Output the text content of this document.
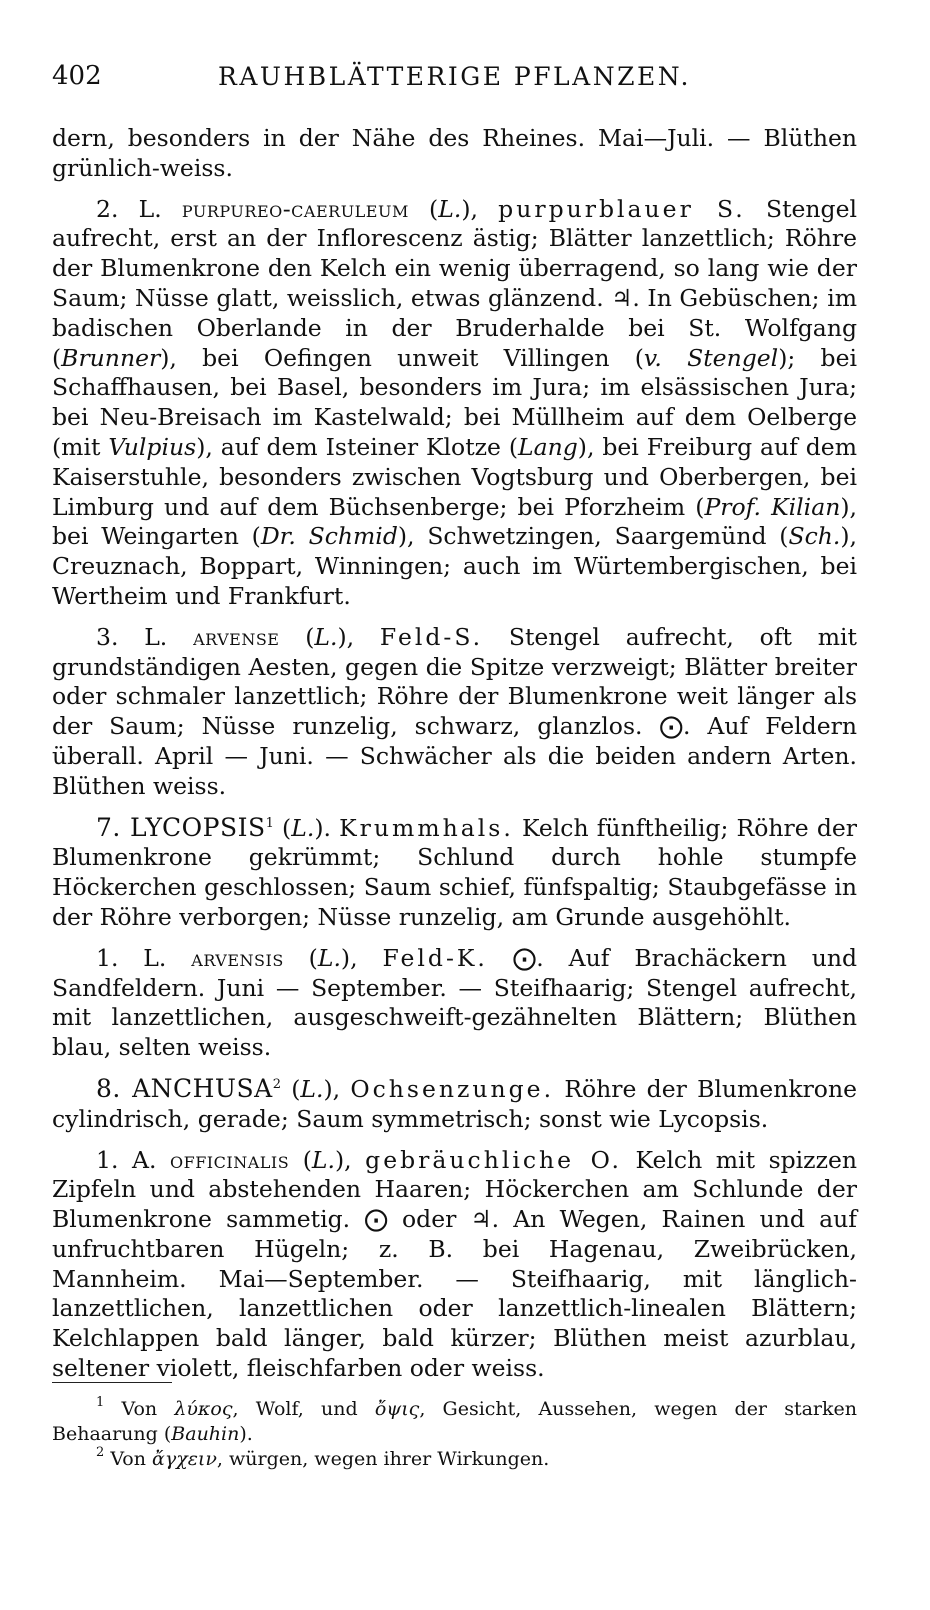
402	RAUHBLÄTTERIGE PFLANZEN.

dern, besonders in der Nähe des Rheines. Mai—Juli. — Blüthen grünlich-weiss.

2. L. purpureo-caeruleum (L.), purpurblauer S. Stengel aufrecht, erst an der Inflorescenz ästig; Blätter lanzettlich; Röhre der Blumenkrone den Kelch ein wenig überragend, so lang wie der Saum; Nüsse glatt, weisslich, etwas glänzend. ♃. In Gebüschen; im badischen Oberlande in der Bruderhalde bei St. Wolfgang (Brunner), bei Oefingen unweit Villingen (v. Stengel); bei Schaffhausen, bei Basel, besonders im Jura; im elsässischen Jura; bei Neu-Breisach im Kastelwald; bei Müllheim auf dem Oelberge (mit Vulpius), auf dem Isteiner Klotze (Lang), bei Freiburg auf dem Kaiserstuhle, besonders zwischen Vogtsburg und Oberbergen, bei Limburg und auf dem Büchsenberge; bei Pforzheim (Prof. Kilian), bei Weingarten (Dr. Schmid), Schwetzingen, Saargemünd (Sch.), Creuznach, Boppart, Winningen; auch im Würtembergischen, bei Wertheim und Frankfurt.

3. L. arvense (L.), Feld-S. Stengel aufrecht, oft mit grundständigen Aesten, gegen die Spitze verzweigt; Blätter breiter oder schmaler lanzettlich; Röhre der Blumenkrone weit länger als der Saum; Nüsse runzelig, schwarz, glanzlos. ⨀. Auf Feldern überall. April — Juni. — Schwächer als die beiden andern Arten. Blüthen weiss.

7. LYCOPSIS$^1$ (L.). Krummhals. Kelch fünftheilig; Röhre der Blumenkrone gekrümmt; Schlund durch hohle stumpfe Höckerchen geschlossen; Saum schief, fünfspaltig; Staubgefässe in der Röhre verborgen; Nüsse runzelig, am Grunde ausgehöhlt.

1. L. arvensis (L.), Feld-K. ⨀. Auf Brachäckern und Sandfeldern. Juni — September. — Steifhaarig; Stengel aufrecht, mit lanzettlichen, ausgeschweift-gezähnelten Blättern; Blüthen blau, selten weiss.

8. ANCHUSA$^2$ (L.), Ochsenzunge. Röhre der Blumenkrone cylindrisch, gerade; Saum symmetrisch; sonst wie Lycopsis.

1. A. officinalis (L.), gebräuchliche O. Kelch mit spizzen Zipfeln und abstehenden Haaren; Höckerchen am Schlunde der Blumenkrone sammetig. ⨀ oder ♃. An Wegen, Rainen und auf unfruchtbaren Hügeln; z. B. bei Hagenau, Zweibrücken, Mannheim. Mai—September. — Steifhaarig, mit länglich-lanzettlichen, lanzettlichen oder lanzettlich-linealen Blättern; Kelchlappen bald länger, bald kürzer; Blüthen meist azurblau, seltener violett, fleischfarben oder weiss.

$^1$ Von λύκος, Wolf, und ὄψις, Gesicht, Aussehen, wegen der starken Behaarung (Bauhin).

$^2$ Von ἄγχειν, würgen, wegen ihrer Wirkungen.
